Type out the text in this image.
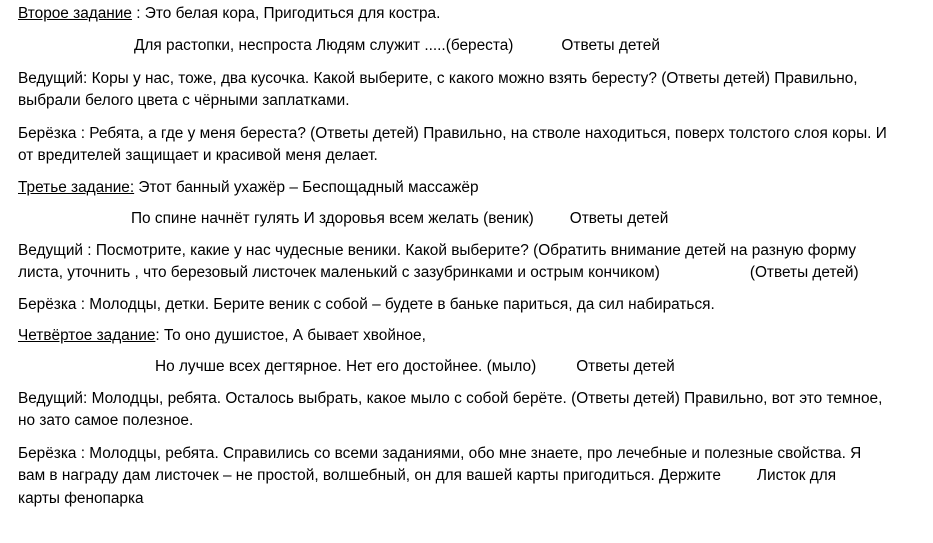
Второе задание : Это белая кора, Пригодиться для костра.
Для растопки, неспроста Людям служит .....(береста)	Ответы детей
Ведущий: Коры у нас, тоже, два кусочка. Какой выберите, с какого можно взять бересту? (Ответы детей) Правильно,
выбрали белого цвета с чёрными заплатками.
Берёзка : Ребята, а где у меня береста? (Ответы детей) Правильно, на стволе находиться, поверх толстого слоя коры. И
от вредителей защищает и красивой меня делает.
Третье задание: Этот банный ухажёр – Беспощадный массажёр
По спине начнёт гулять И здоровья всем желать (веник) Ответы детей
Ведущий : Посмотрите, какие у нас чудесные веники. Какой выберите? (Обратить внимание детей на разную форму
листа, уточнить , что березовый листочек маленький с зазубринками и острым кончиком)	(Ответы детей)
Берёзка : Молодцы, детки. Берите веник с собой – будете в баньке париться, да сил набираться.
Четвёртое задание: То оно душистое, А бывает хвойное,
Но лучше всех дегтярное. Нет его достойнее. (мыло)	Ответы детей
Ведущий: Молодцы, ребята. Осталось выбрать, какое мыло с собой берёте. (Ответы детей) Правильно, вот это темное,
но зато самое полезное.
Берёзка : Молодцы, ребята. Справились со всеми заданиями, обо мне знаете, про лечебные и полезные свойства. Я
вам в награду дам листочек – не простой, волшебный, он для вашей карты пригодиться. Держите Листок для
карты фенопарка
